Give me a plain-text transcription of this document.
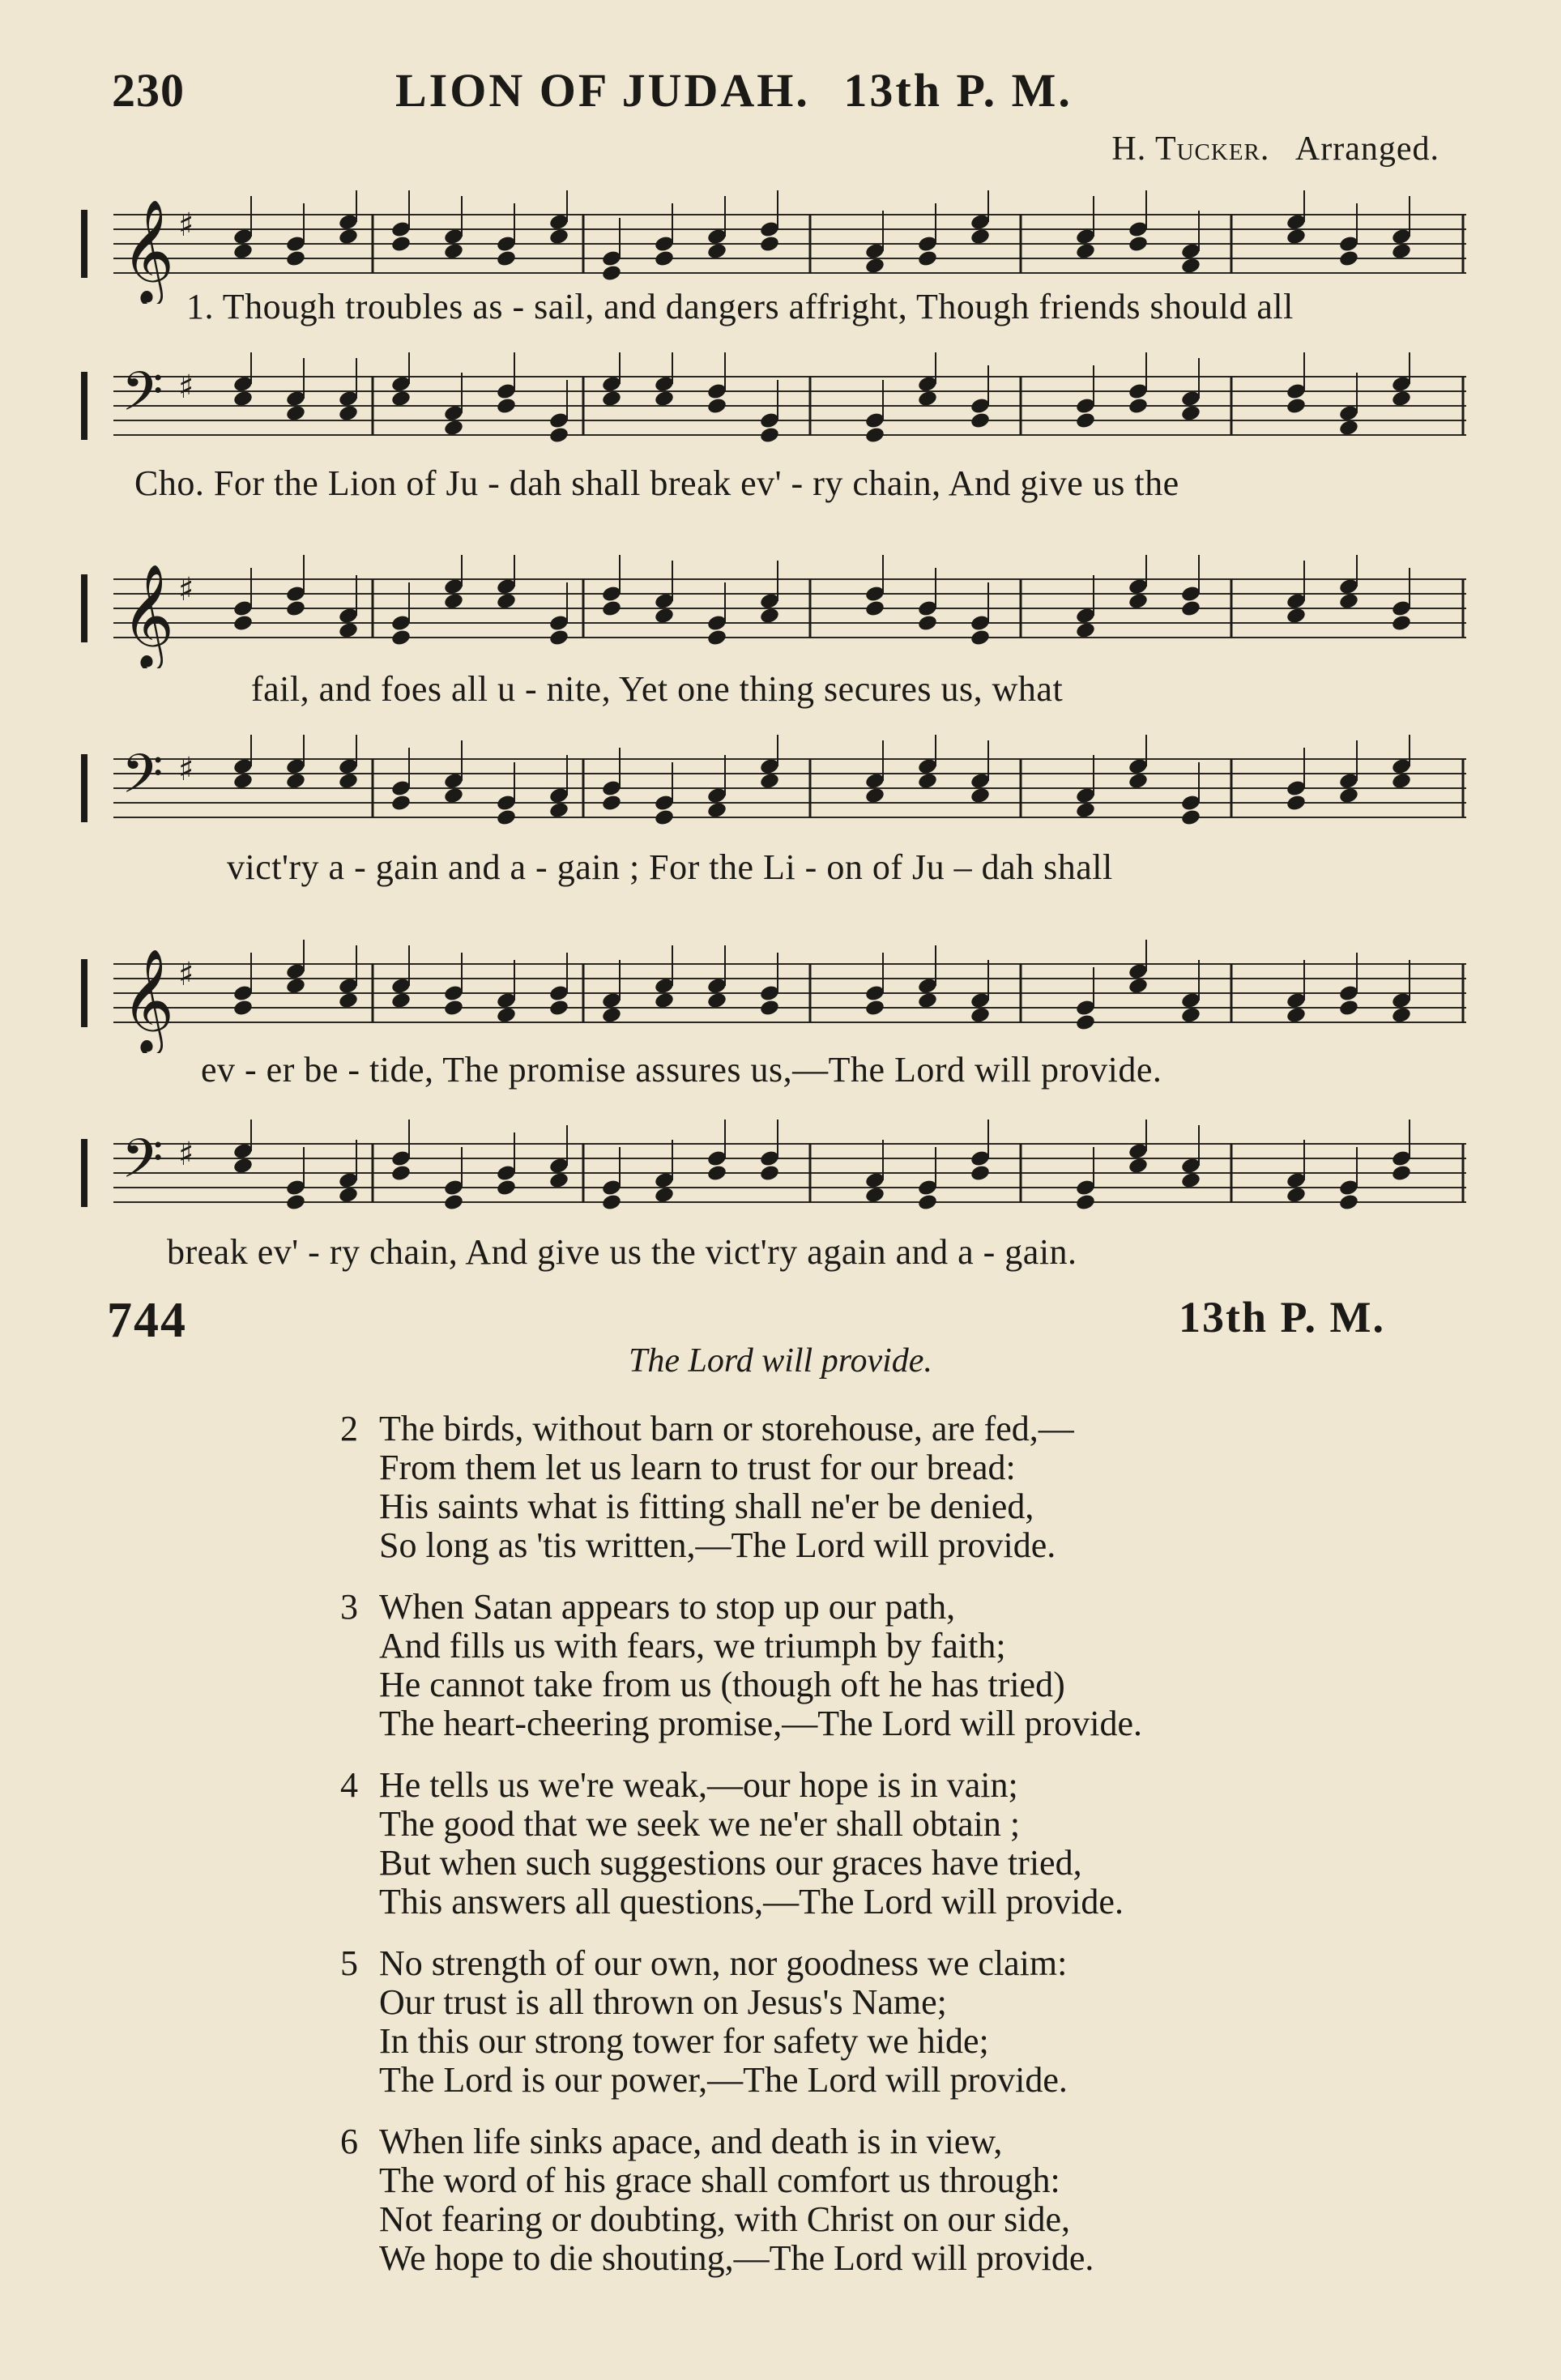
230	LION OF JUDAH. 13th P. M.
H. Tucker. Arranged.
𝄞 ♯
1. Though troubles as - sail, and dangers affright, Though friends should all
𝄢 ♯
Cho. For the Lion of Ju - dah shall break ev' - ry chain, And give us the
𝄞 ♯
fail, and foes all u - nite, Yet one thing secures us, what
𝄢 ♯
vict'ry a - gain and a - gain ; For the Li - on of Ju – dah shall
𝄞 ♯
ev - er be - tide, The promise assures us,—The Lord will provide.
𝄢 ♯
break ev' - ry chain, And give us the vict'ry again and a - gain.
744	13th P. M.
The Lord will provide.
2 The birds, without barn or storehouse, are fed,—
From them let us learn to trust for our bread:
His saints what is fitting shall ne'er be denied,
So long as 'tis written,—The Lord will provide.
3 When Satan appears to stop up our path,
And fills us with fears, we triumph by faith;
He cannot take from us (though oft he has tried)
The heart-cheering promise,—The Lord will provide.
4 He tells us we're weak,—our hope is in vain;
The good that we seek we ne'er shall obtain ;
But when such suggestions our graces have tried,
This answers all questions,—The Lord will provide.
5 No strength of our own, nor goodness we claim:
Our trust is all thrown on Jesus's Name;
In this our strong tower for safety we hide;
The Lord is our power,—The Lord will provide.
6 When life sinks apace, and death is in view,
The word of his grace shall comfort us through:
Not fearing or doubting, with Christ on our side,
We hope to die shouting,—The Lord will provide.
